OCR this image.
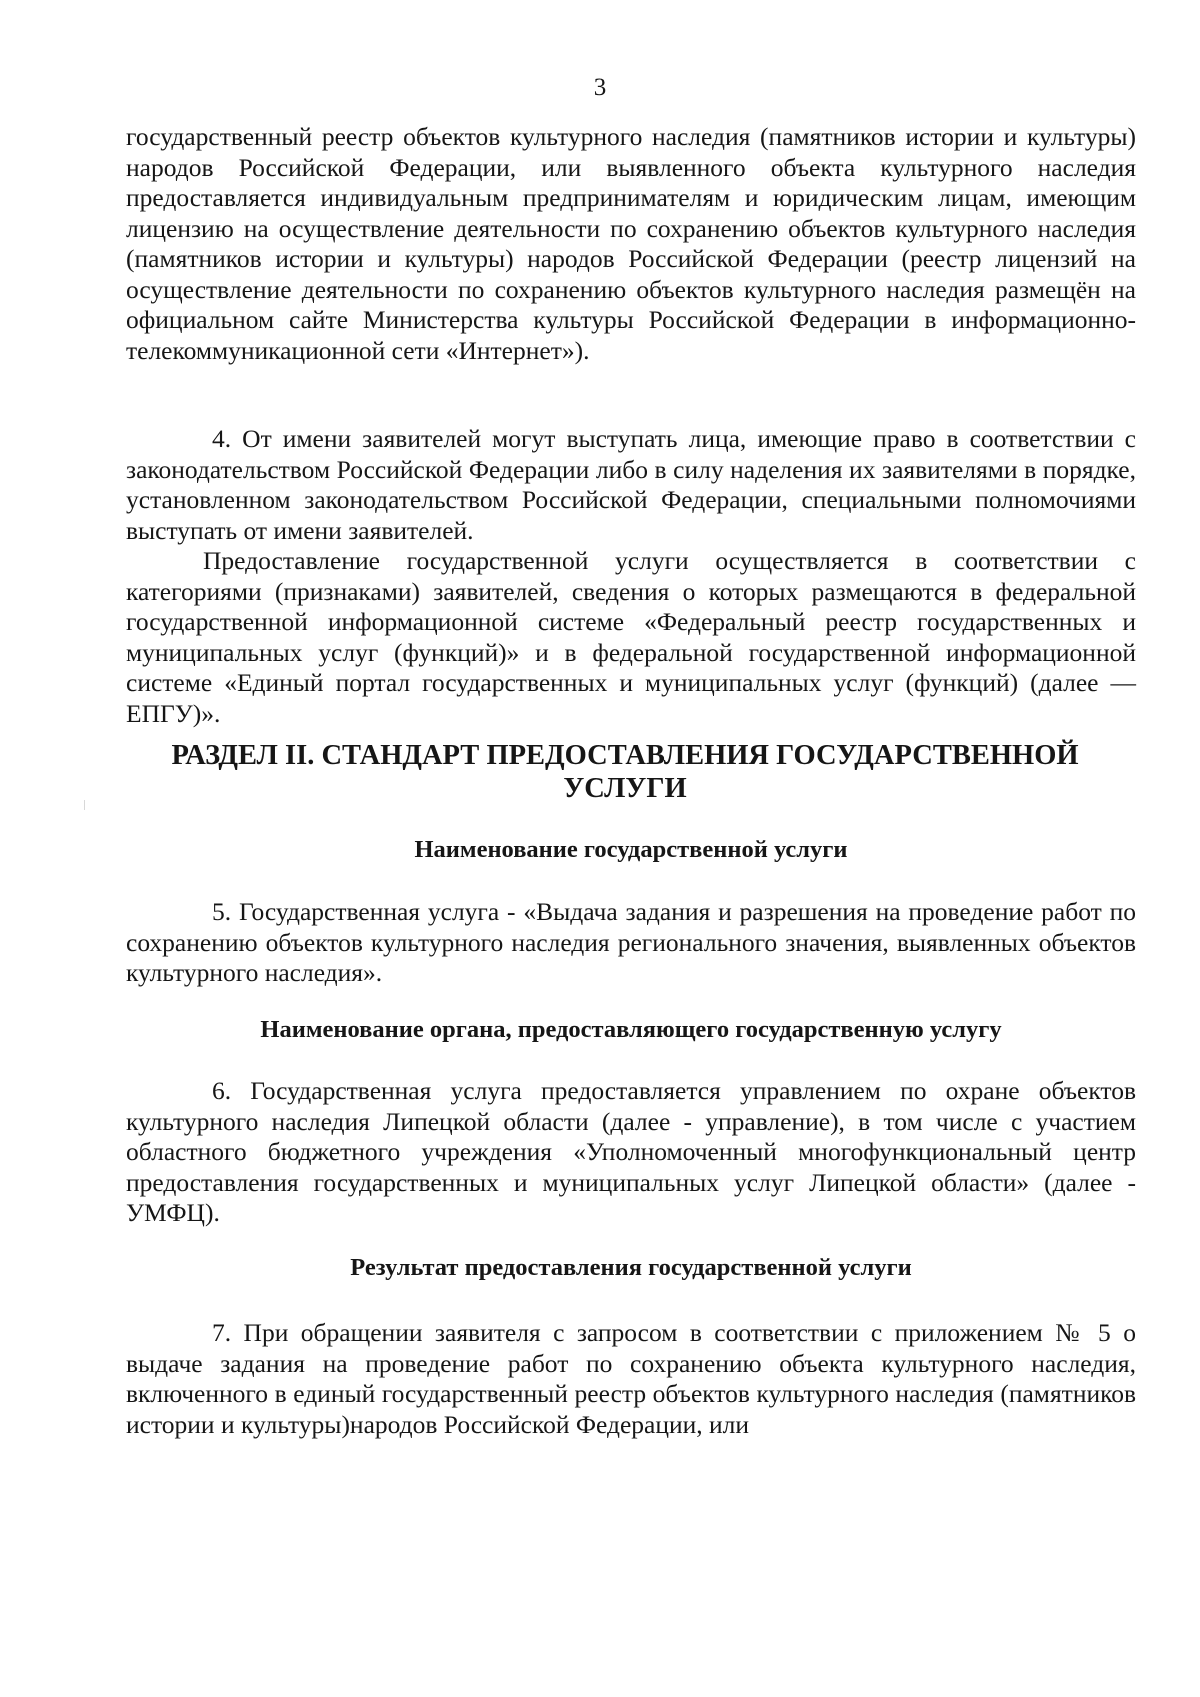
3

государственный реестр объектов культурного наследия (памятников истории и культуры) народов Российской Федерации, или выявленного объекта культурного наследия предоставляется индивидуальным предпринимателям и юридическим лицам, имеющим лицензию на осуществление деятельности по сохранению объектов культурного наследия (памятников истории и культуры) народов Российской Федерации (реестр лицензий на осуществление деятельности по сохранению объектов культурного наследия размещён на официальном сайте Министерства культуры Российской Федерации в информационно-телекоммуникационной сети «Интернет»).

4. От имени заявителей могут выступать лица, имеющие право в соответствии с законодательством Российской Федерации либо в силу наделения их заявителями в порядке, установленном законодательством Российской Федерации, специальными полномочиями выступать от имени заявителей.

Предоставление государственной услуги осуществляется в соответствии с категориями (признаками) заявителей, сведения о которых размещаются в федеральной государственной информационной системе «Федеральный реестр государственных и муниципальных услуг (функций)» и в федеральной государственной информационной системе «Единый портал государственных и муниципальных услуг (функций) (далее — ЕПГУ)».

РАЗДЕЛ II. СТАНДАРТ ПРЕДОСТАВЛЕНИЯ ГОСУДАРСТВЕННОЙ УСЛУГИ
Наименование государственной услуги

5. Государственная услуга - «Выдача задания и разрешения на проведение работ по сохранению объектов культурного наследия регионального значения, выявленных объектов культурного наследия».

Наименование органа, предоставляющего государственную услугу

6. Государственная услуга предоставляется управлением по охране объектов культурного наследия Липецкой области (далее - управление), в том числе с участием областного бюджетного учреждения «Уполномоченный многофункциональный центр предоставления государственных и муниципальных услуг Липецкой области» (далее - УМФЦ).

Результат предоставления государственной услуги

7. При обращении заявителя с запросом в соответствии с приложением № 5 о выдаче задания на проведение работ по сохранению объекта культурного наследия, включенного в единый государственный реестр объектов культурного наследия (памятников истории и культуры)народов Российской Федерации, или
